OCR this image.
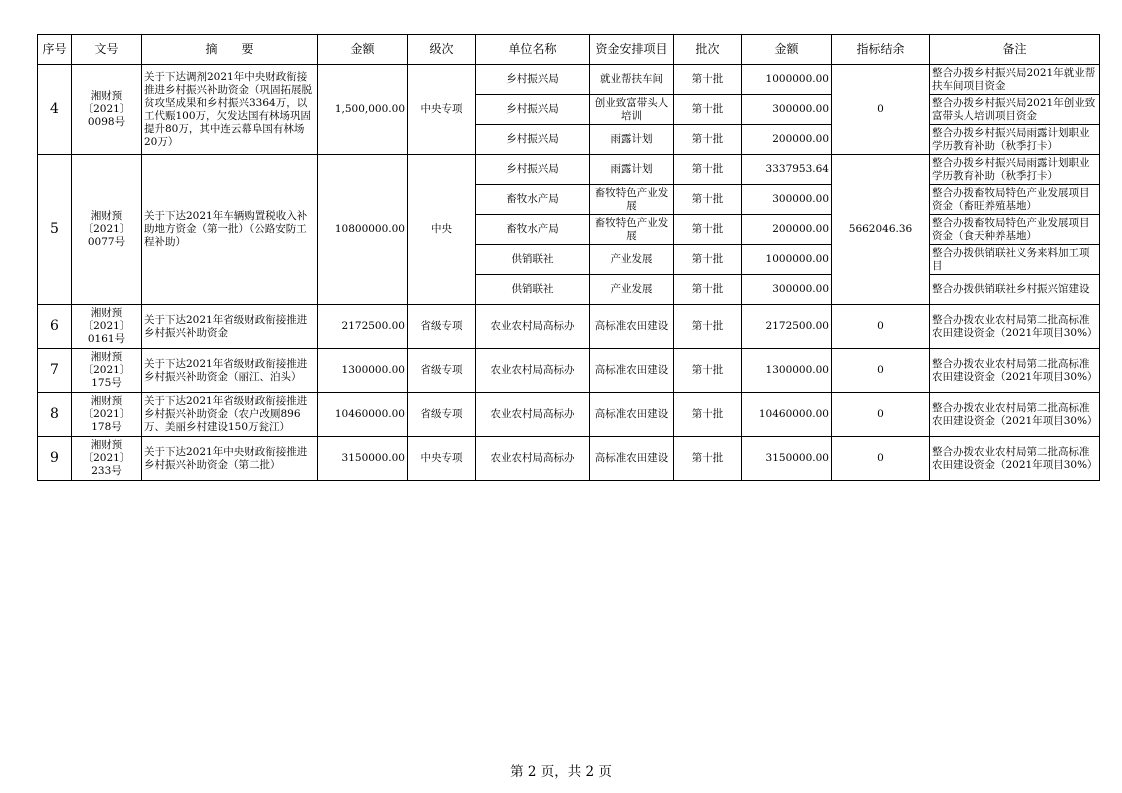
序号	文号	摘　　要	金额	级次	单位名称	资金安排项目	批次	金额	指标结余	备注
4	湘财预〔2021〕0098号	关于下达调剂2021年中央财政衔接推进乡村振兴补助资金（巩固拓展脱贫攻坚成果和乡村振兴3364万，以工代赈100万，欠发达国有林场巩固提升80万，其中连云幕阜国有林场20万）	1,500,000.00	中央专项	乡村振兴局	就业帮扶车间	第十批	1000000.00	0	整合办拨乡村振兴局2021年就业帮扶车间项目资金
					乡村振兴局	创业致富带头人培训	第十批	300000.00		整合办拨乡村振兴局2021年创业致富带头人培训项目资金
					乡村振兴局	雨露计划	第十批	200000.00		整合办拨乡村振兴局雨露计划职业学历教育补助（秋季打卡）
5	湘财预〔2021〕0077号	关于下达2021年车辆购置税收入补助地方资金（第一批）（公路安防工程补助）	10800000.00	中央	乡村振兴局	雨露计划	第十批	3337953.64	5662046.36	整合办拨乡村振兴局雨露计划职业学历教育补助（秋季打卡）
					畜牧水产局	畜牧特色产业发展	第十批	300000.00		整合办拨畜牧局特色产业发展项目资金（畜旺养殖基地）
					畜牧水产局	畜牧特色产业发展	第十批	200000.00		整合办拨畜牧局特色产业发展项目资金（食天种养基地）
					供销联社	产业发展	第十批	1000000.00		整合办拨供销联社义务来料加工项目
					供销联社	产业发展	第十批	300000.00		整合办拨供销联社乡村振兴馆建设
6	湘财预〔2021〕0161号	关于下达2021年省级财政衔接推进乡村振兴补助资金	2172500.00	省级专项	农业农村局高标办	高标准农田建设	第十批	2172500.00	0	整合办拨农业农村局第二批高标准农田建设资金（2021年项目30%）
7	湘财预〔2021〕175号	关于下达2021年省级财政衔接推进乡村振兴补助资金（丽江、泊头）	1300000.00	省级专项	农业农村局高标办	高标准农田建设	第十批	1300000.00	0	整合办拨农业农村局第二批高标准农田建设资金（2021年项目30%）
8	湘财预〔2021〕178号	关于下达2021年省级财政衔接推进乡村振兴补助资金（农户改厕896万、美丽乡村建设150万瓮江）	10460000.00	省级专项	农业农村局高标办	高标准农田建设	第十批	10460000.00	0	整合办拨农业农村局第二批高标准农田建设资金（2021年项目30%）
9	湘财预〔2021〕233号	关于下达2021年中央财政衔接推进乡村振兴补助资金（第二批）	3150000.00	中央专项	农业农村局高标办	高标准农田建设	第十批	3150000.00	0	整合办拨农业农村局第二批高标准农田建设资金（2021年项目30%）
第 2 页，共 2 页
